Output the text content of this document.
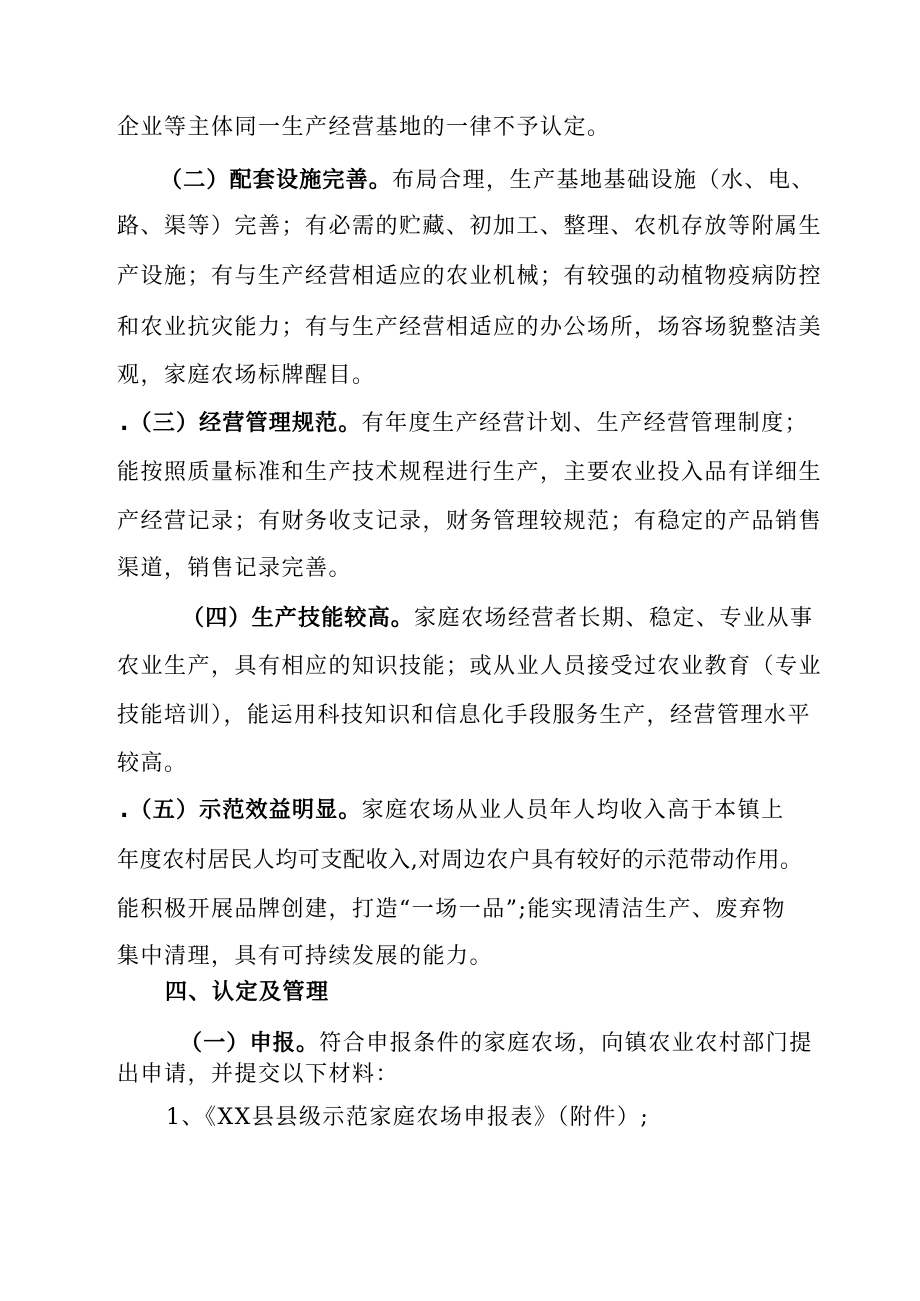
企业等主体同一生产经营基地的一律不予认定。
（二）配套设施完善。布局合理，生产基地基础设施（水、电、
路、渠等）完善；有必需的贮藏、初加工、整理、农机存放等附属生
产设施；有与生产经营相适应的农业机械；有较强的动植物疫病防控
和农业抗灾能力；有与生产经营相适应的办公场所，场容场貌整洁美
观，家庭农场标牌醒目。
.（三）经营管理规范。有年度生产经营计划、生产经营管理制度；
能按照质量标准和生产技术规程进行生产，主要农业投入品有详细生
产经营记录；有财务收支记录，财务管理较规范；有稳定的产品销售
渠道，销售记录完善。
（四）生产技能较高。家庭农场经营者长期、稳定、专业从事
农业生产，具有相应的知识技能；或从业人员接受过农业教育（专业
技能培训），能运用科技知识和信息化手段服务生产，经营管理水平
较高。
.（五）示范效益明显。家庭农场从业人员年人均收入高于本镇上
年度农村居民人均可支配收入,对周边农户具有较好的示范带动作用。
能积极开展品牌创建，打造“一场一品”;能实现清洁生产、废弃物
集中清理，具有可持续发展的能力。
四、认定及管理
（一）申报。符合申报条件的家庭农场，向镇农业农村部门提
出申请，并提交以下材料：
1、《XX县县级示范家庭农场申报表》（附件）;
